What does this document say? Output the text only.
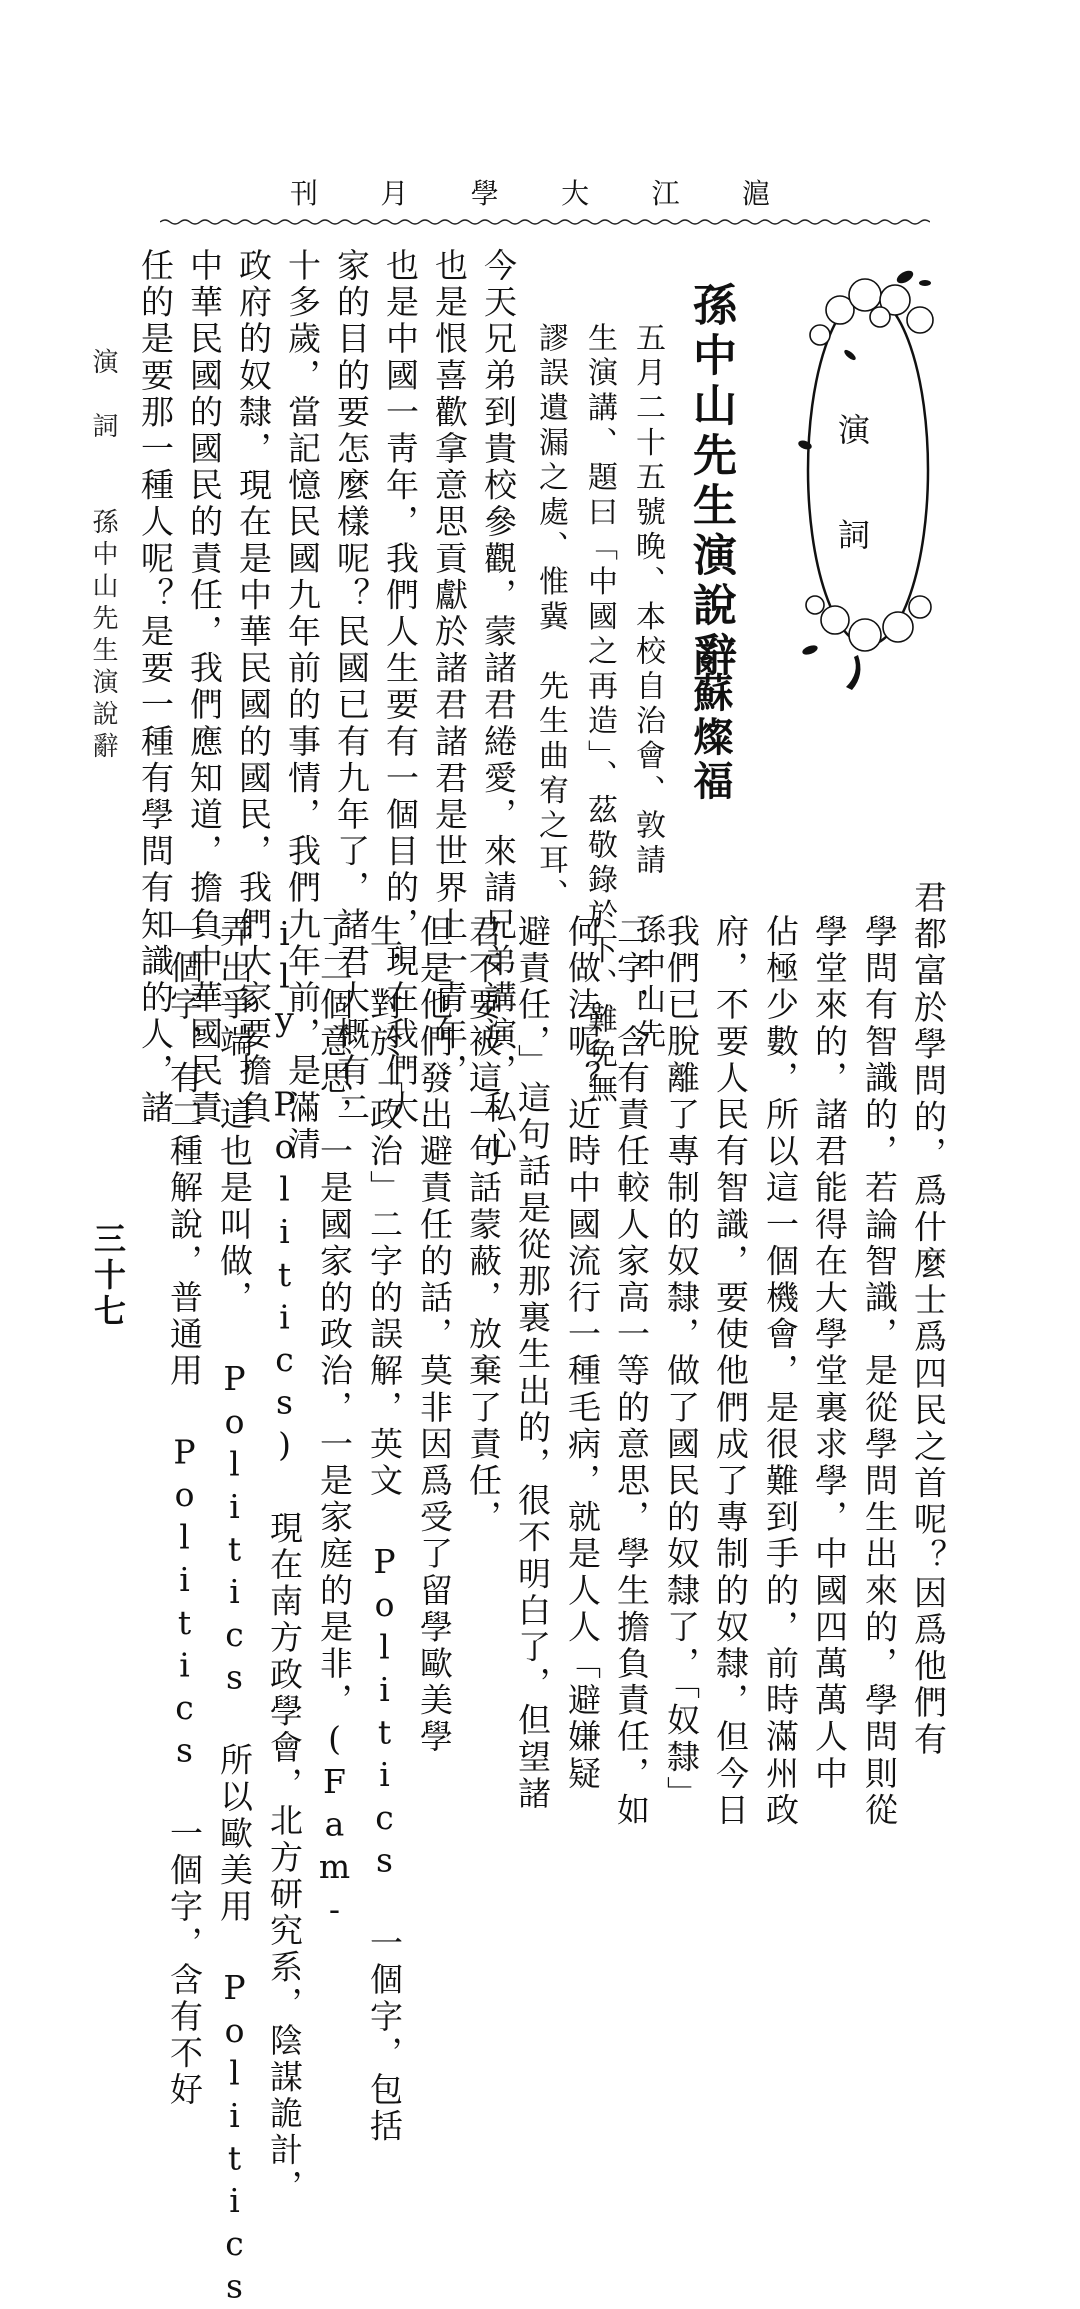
滬
江
大
學
月
刊
演
詞
孫中山先生演說辭
蘇燦福
五月二十五號晚、本校自治會、敦請　孫中山先
生演講、題曰「中國之再造」、茲敬錄於下、難免無
謬誤遺漏之處、惟冀　先生曲宥之耳、
今天兄弟到貴校參觀，蒙諸君綣愛，來請兄弟講演，私心
也是恨喜歡拿意思貢獻於諸君諸君是世界上一青年，
也是中國一靑年，我們人生要有一個目的，現在我們大
家的目的要怎麼樣呢？民國已有九年了，諸君大概有二
十多歲，當記憶民國九年前的事情，我們九年前，是滿清
政府的奴隸，現在是中華民國的國民，我們大家要擔負
中華民國的國民的責任，我們應知道，擔負中華國民責
任的是要那一種人呢？是要一種有學問有知識的人，諸
君都富於學問的，爲什麼士爲四民之首呢？因爲他們有
學問有智識的，若論智識，是從學問生出來的，學問則從
學堂來的，諸君能得在大學堂裏求學，中國四萬萬人中
佔極少數，所以這一個機會，是很難到手的，前時滿州政
府，不要人民有智識，要使他們成了專制的奴隸，但今日
我們已脫離了專制的奴隸，做了國民的奴隸了，「奴隸」
二字，含有責任較人家高一等的意思，學生擔負責任，如
何做法呢？近時中國流行一種毛病，就是人人「避嫌疑
避責任，」這句話是從那裏生出的，很不明白了，但望諸
君不要被這一句話蒙蔽，放棄了責任，
但是他們發出避責任的話，莫非因爲受了留學歐美學
生，對於「政治」二字的誤解，英文 Politics 一個字，包括
了二個意思，一是國家的政治，一是家庭的是非，(Fam-
ily Politics) 現在南方政學會，北方研究系，陰謀詭計，
弄出爭端，這也是叫做， Politics 所以歐美用 Politics
一個字，有二種解說，普通用 Politics 一個字，含有不好
演　詞
孫中山先生演說辭
三十七
